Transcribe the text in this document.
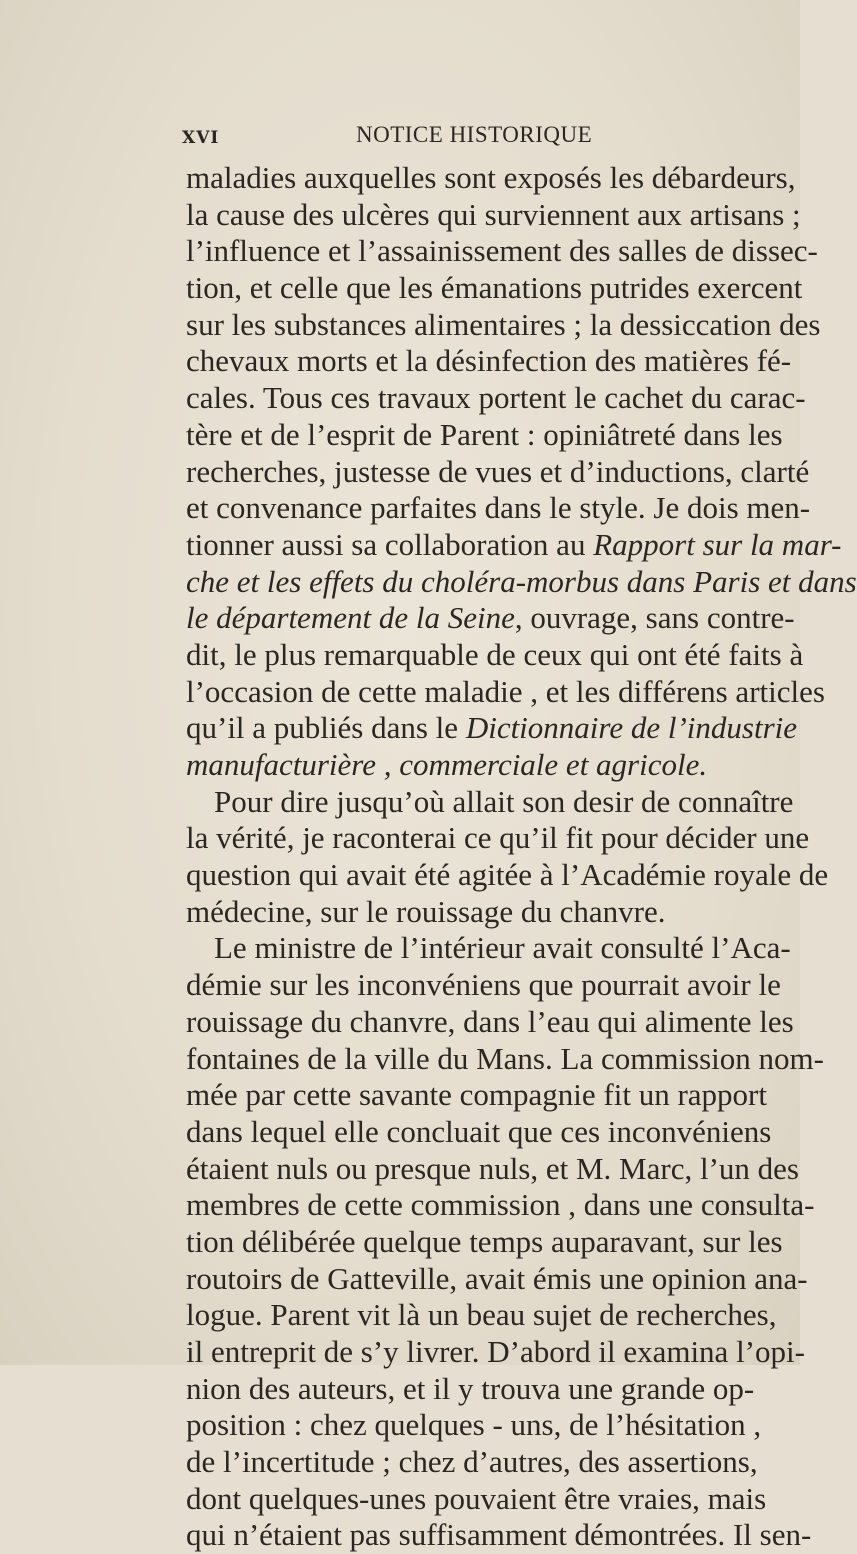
XVI	NOTICE HISTORIQUE
maladies auxquelles sont exposés les débardeurs,
la cause des ulcères qui surviennent aux artisans ;
l’influence et l’assainissement des salles de dissec-
tion, et celle que les émanations putrides exercent
sur les substances alimentaires ; la dessiccation des
chevaux morts et la désinfection des matières fé-
cales. Tous ces travaux portent le cachet du carac-
tère et de l’esprit de Parent : opiniâtreté dans les
recherches, justesse de vues et d’inductions, clarté
et convenance parfaites dans le style. Je dois men-
tionner aussi sa collaboration au Rapport sur la mar-
che et les effets du choléra-morbus dans Paris et dans
le département de la Seine, ouvrage, sans contre-
dit, le plus remarquable de ceux qui ont été faits à
l’occasion de cette maladie , et les différens articles
qu’il a publiés dans le Dictionnaire de l’industrie
manufacturière , commerciale et agricole.
Pour dire jusqu’où allait son desir de connaître
la vérité, je raconterai ce qu’il fit pour décider une
question qui avait été agitée à l’Académie royale de
médecine, sur le rouissage du chanvre.
Le ministre de l’intérieur avait consulté l’Aca-
démie sur les inconvéniens que pourrait avoir le
rouissage du chanvre, dans l’eau qui alimente les
fontaines de la ville du Mans. La commission nom-
mée par cette savante compagnie fit un rapport
dans lequel elle concluait que ces inconvéniens
étaient nuls ou presque nuls, et M. Marc, l’un des
membres de cette commission , dans une consulta-
tion délibérée quelque temps auparavant, sur les
routoirs de Gatteville, avait émis une opinion ana-
logue. Parent vit là un beau sujet de recherches,
il entreprit de s’y livrer. D’abord il examina l’opi-
nion des auteurs, et il y trouva une grande op-
position : chez quelques - uns, de l’hésitation ,
de l’incertitude ; chez d’autres, des assertions,
dont quelques-unes pouvaient être vraies, mais
qui n’étaient pas suffisamment démontrées. Il sen-
